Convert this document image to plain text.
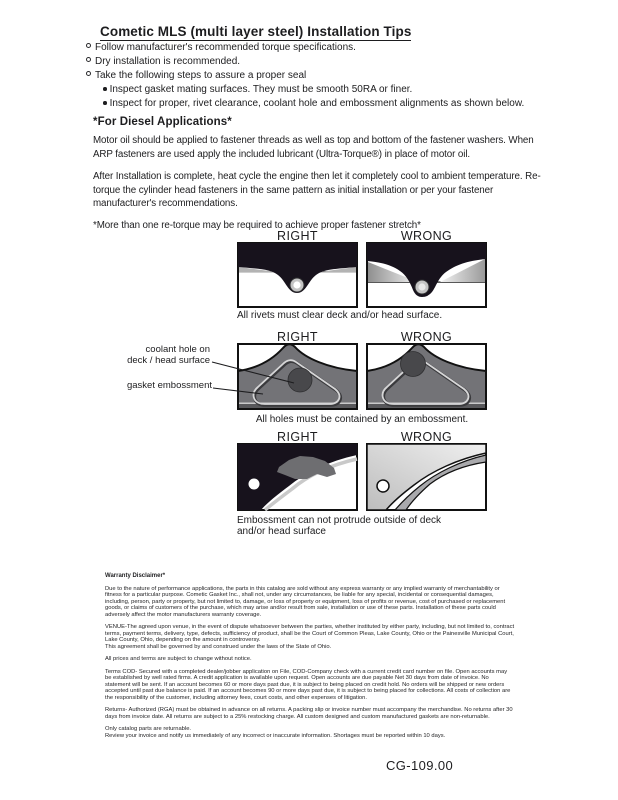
Cometic MLS (multi layer steel) Installation Tips
Follow manufacturer's recommended torque specifications.
Dry installation is recommended.
Take the following steps to assure a proper seal
Inspect gasket mating surfaces. They must be smooth 50RA or finer.
Inspect for proper, rivet clearance, coolant hole and embossment alignments as shown below.
*For Diesel Applications*

Motor oil should be applied to fastener threads as well as top and bottom of the fastener washers. When ARP fasteners are used apply the included lubricant (Ultra-Torque®) in place of motor oil.

After Installation is complete, heat cycle the engine then let it completely cool to ambient temperature. Re-torque the cylinder head fasteners in the same pattern as initial installation or per your fastener manufacturer's recommendations.

*More than one re-torque may be required to achieve proper fastener stretch*

RIGHT	WRONG
All rivets must clear deck and/or head surface.
RIGHT	WRONG
coolant hole on
deck / head surface
gasket embossment
All holes must be contained by an embossment.
RIGHT	WRONG
Embossment can not protrude outside of deck
and/or head surface
Warranty Disclaimer*
Due to the nature of performance applications, the parts in this catalog are sold without any express warranty or any implied warranty of merchantability or fitness for a particular purpose. Cometic Gasket Inc., shall not, under any circumstances, be liable for any special, incidental or consequential damages, including, person, party or property, but not limited to, damage, or loss of property or equipment, loss of profits or revenue, cost of purchased or replacement goods, or claims of customers of the purchase, which may arise and/or result from sale, installation or use of these parts. Installation of these parts could adversely affect the motor manufacturers warranty coverage.
VENUE-The agreed upon venue, in the event of dispute whatsoever between the parties, whether instituted by either party, including, but not limited to, contract terms, payment terms, delivery, type, defects, sufficiency of product, shall be the Court of Common Pleas, Lake County, Ohio or the Painesville Municipal Court, Lake County, Ohio, depending on the amount in controversy.
This agreement shall be governed by and construed under the laws of the State of Ohio.
All prices and terms are subject to change without notice.
Terms COD- Secured with a completed dealer/jobber application on File, COD-Company check with a current credit card number on file. Open accounts may be established by well rated firms. A credit application is available upon request. Open accounts are due payable Net 30 days from date of invoice. No statement will be sent. If an account becomes 60 or more days past due, it is subject to being placed on credit hold. No orders will be shipped or new orders accepted until past due balance is paid. If an account becomes 90 or more days past due, it is subject to being placed for collections. All costs of collection are the responsibility of the customer, including attorney fees, court costs, and other expenses of litigation.
Returns- Authorized (RGA) must be obtained in advance on all returns. A packing slip or invoice number must accompany the merchandise. No returns after 30 days from invoice date. All returns are subject to a 25% restocking charge. All custom designed and custom manufactured gaskets are non-returnable.
Only catalog parts are returnable.
Review your invoice and notify us immediately of any incorrect or inaccurate information. Shortages must be reported within 10 days.
CG-109.00
